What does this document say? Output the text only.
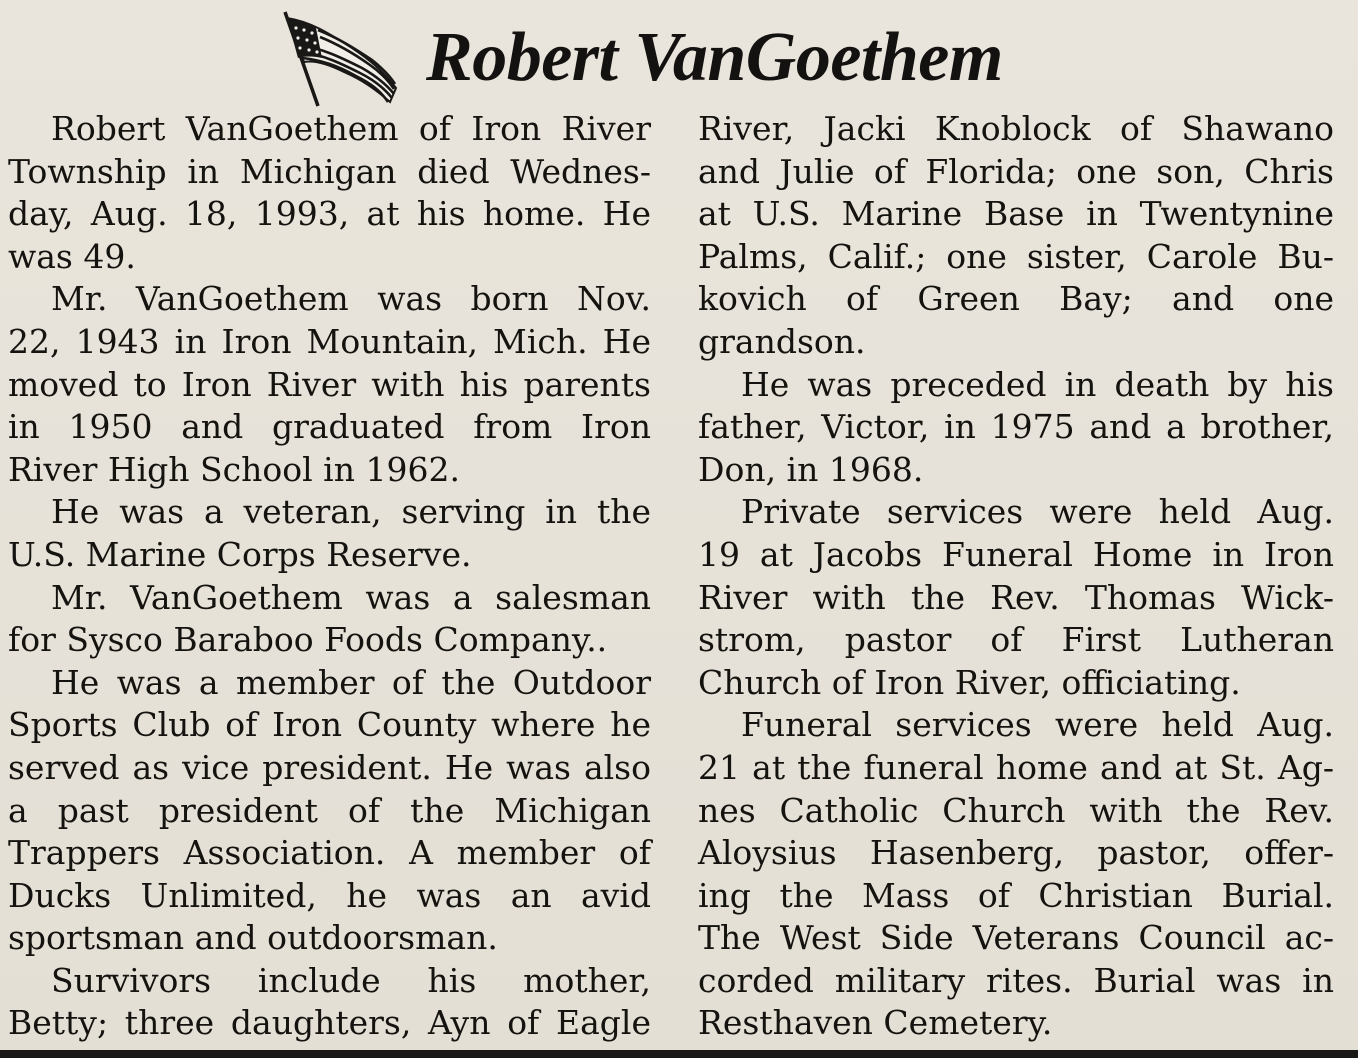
Robert VanGoethem
Robert VanGoethem of Iron River
Township in Michigan died Wednes-
day, Aug. 18, 1993, at his home. He
was 49.
Mr. VanGoethem was born Nov.
22, 1943 in Iron Mountain, Mich. He
moved to Iron River with his parents
in 1950 and graduated from Iron
River High School in 1962.
He was a veteran, serving in the
U.S. Marine Corps Reserve.
Mr. VanGoethem was a salesman
for Sysco Baraboo Foods Company..
He was a member of the Outdoor
Sports Club of Iron County where he
served as vice president. He was also
a past president of the Michigan
Trappers Association. A member of
Ducks Unlimited, he was an avid
sportsman and outdoorsman.
Survivors include his mother,
Betty; three daughters, Ayn of Eagle
River, Jacki Knoblock of Shawano
and Julie of Florida; one son, Chris
at U.S. Marine Base in Twentynine
Palms, Calif.; one sister, Carole Bu-
kovich of Green Bay; and one
grandson.
He was preceded in death by his
father, Victor, in 1975 and a brother,
Don, in 1968.
Private services were held Aug.
19 at Jacobs Funeral Home in Iron
River with the Rev. Thomas Wick-
strom, pastor of First Lutheran
Church of Iron River, officiating.
Funeral services were held Aug.
21 at the funeral home and at St. Ag-
nes Catholic Church with the Rev.
Aloysius Hasenberg, pastor, offer-
ing the Mass of Christian Burial.
The West Side Veterans Council ac-
corded military rites. Burial was in
Resthaven Cemetery.
